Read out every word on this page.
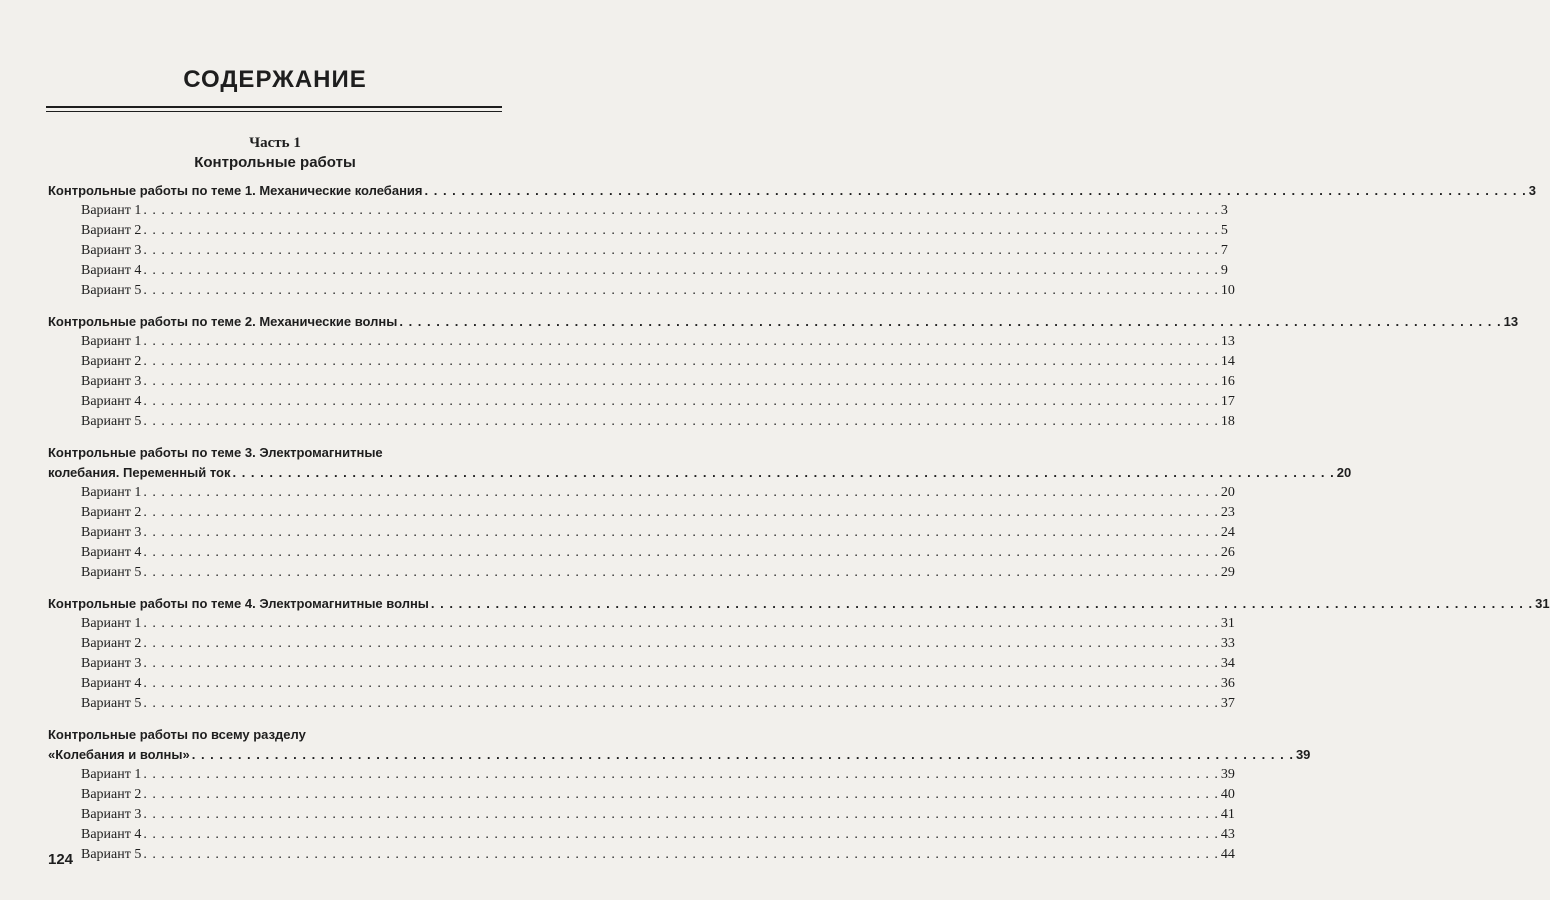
СОДЕРЖАНИЕ
Часть 1
Контрольные работы
Контрольные работы по теме 1. Механические колебания . . . . . . . . . . . . . . . . . . . . . . . . . . . . . . . . . . . . . . . . . . . . . . . . . . . . . . . . . . . . . . . . . . . . . . . . . . . . . . . . . . . . . . . . . . . . . . . . . . . . . . . . . . . . . . . . . . . . . . . . 3
Вариант 1 . . . . . . . . . . . . . . . . . . . . . . . . . . . . . . . . . . . . . . . . . . . . . . . . . . . . . . . . . . . . . . . . . . . . . . . . . . . . . . . . . . . . . . . . . . . . . . . . . . . . . . . . . . . . . . . . . . . . . . . . 3
Вариант 2 . . . . . . . . . . . . . . . . . . . . . . . . . . . . . . . . . . . . . . . . . . . . . . . . . . . . . . . . . . . . . . . . . . . . . . . . . . . . . . . . . . . . . . . . . . . . . . . . . . . . . . . . . . . . . . . . . . . . . . . . 5
Вариант 3 . . . . . . . . . . . . . . . . . . . . . . . . . . . . . . . . . . . . . . . . . . . . . . . . . . . . . . . . . . . . . . . . . . . . . . . . . . . . . . . . . . . . . . . . . . . . . . . . . . . . . . . . . . . . . . . . . . . . . . . . 7
Вариант 4 . . . . . . . . . . . . . . . . . . . . . . . . . . . . . . . . . . . . . . . . . . . . . . . . . . . . . . . . . . . . . . . . . . . . . . . . . . . . . . . . . . . . . . . . . . . . . . . . . . . . . . . . . . . . . . . . . . . . . . . . 9
Вариант 5 . . . . . . . . . . . . . . . . . . . . . . . . . . . . . . . . . . . . . . . . . . . . . . . . . . . . . . . . . . . . . . . . . . . . . . . . . . . . . . . . . . . . . . . . . . . . . . . . . . . . . . . . . . . . . . . . . . . . . . . . 10
Контрольные работы по теме 2. Механические волны . . . . . . . . . . . . . . . . . . . . . . . . . . . . . . . . . . . . . . . . . . . . . . . . . . . . . . . . . . . . . . . . . . . . . . . . . . . . . . . . . . . . . . . . . . . . . . . . . . . . . . . . . . . . . . . . . . . . . . . . 13
Вариант 1 . . . . . . . . . . . . . . . . . . . . . . . . . . . . . . . . . . . . . . . . . . . . . . . . . . . . . . . . . . . . . . . . . . . . . . . . . . . . . . . . . . . . . . . . . . . . . . . . . . . . . . . . . . . . . . . . . . . . . . . . 13
Вариант 2 . . . . . . . . . . . . . . . . . . . . . . . . . . . . . . . . . . . . . . . . . . . . . . . . . . . . . . . . . . . . . . . . . . . . . . . . . . . . . . . . . . . . . . . . . . . . . . . . . . . . . . . . . . . . . . . . . . . . . . . . 14
Вариант 3 . . . . . . . . . . . . . . . . . . . . . . . . . . . . . . . . . . . . . . . . . . . . . . . . . . . . . . . . . . . . . . . . . . . . . . . . . . . . . . . . . . . . . . . . . . . . . . . . . . . . . . . . . . . . . . . . . . . . . . . . 16
Вариант 4 . . . . . . . . . . . . . . . . . . . . . . . . . . . . . . . . . . . . . . . . . . . . . . . . . . . . . . . . . . . . . . . . . . . . . . . . . . . . . . . . . . . . . . . . . . . . . . . . . . . . . . . . . . . . . . . . . . . . . . . . 17
Вариант 5 . . . . . . . . . . . . . . . . . . . . . . . . . . . . . . . . . . . . . . . . . . . . . . . . . . . . . . . . . . . . . . . . . . . . . . . . . . . . . . . . . . . . . . . . . . . . . . . . . . . . . . . . . . . . . . . . . . . . . . . . 18
Контрольные работы по теме 3. Электромагнитные
колебания. Переменный ток . . . . . . . . . . . . . . . . . . . . . . . . . . . . . . . . . . . . . . . . . . . . . . . . . . . . . . . . . . . . . . . . . . . . . . . . . . . . . . . . . . . . . . . . . . . . . . . . . . . . . . . . . . . . . . . . . . . . . . . . 20
Вариант 1 . . . . . . . . . . . . . . . . . . . . . . . . . . . . . . . . . . . . . . . . . . . . . . . . . . . . . . . . . . . . . . . . . . . . . . . . . . . . . . . . . . . . . . . . . . . . . . . . . . . . . . . . . . . . . . . . . . . . . . . . 20
Вариант 2 . . . . . . . . . . . . . . . . . . . . . . . . . . . . . . . . . . . . . . . . . . . . . . . . . . . . . . . . . . . . . . . . . . . . . . . . . . . . . . . . . . . . . . . . . . . . . . . . . . . . . . . . . . . . . . . . . . . . . . . . 23
Вариант 3 . . . . . . . . . . . . . . . . . . . . . . . . . . . . . . . . . . . . . . . . . . . . . . . . . . . . . . . . . . . . . . . . . . . . . . . . . . . . . . . . . . . . . . . . . . . . . . . . . . . . . . . . . . . . . . . . . . . . . . . . 24
Вариант 4 . . . . . . . . . . . . . . . . . . . . . . . . . . . . . . . . . . . . . . . . . . . . . . . . . . . . . . . . . . . . . . . . . . . . . . . . . . . . . . . . . . . . . . . . . . . . . . . . . . . . . . . . . . . . . . . . . . . . . . . . 26
Вариант 5 . . . . . . . . . . . . . . . . . . . . . . . . . . . . . . . . . . . . . . . . . . . . . . . . . . . . . . . . . . . . . . . . . . . . . . . . . . . . . . . . . . . . . . . . . . . . . . . . . . . . . . . . . . . . . . . . . . . . . . . . 29
Контрольные работы по теме 4. Электромагнитные волны . . . . . . . . . . . . . . . . . . . . . . . . . . . . . . . . . . . . . . . . . . . . . . . . . . . . . . . . . . . . . . . . . . . . . . . . . . . . . . . . . . . . . . . . . . . . . . . . . . . . . . . . . . . . . . . . . . . . . . . . 31
Вариант 1 . . . . . . . . . . . . . . . . . . . . . . . . . . . . . . . . . . . . . . . . . . . . . . . . . . . . . . . . . . . . . . . . . . . . . . . . . . . . . . . . . . . . . . . . . . . . . . . . . . . . . . . . . . . . . . . . . . . . . . . . 31
Вариант 2 . . . . . . . . . . . . . . . . . . . . . . . . . . . . . . . . . . . . . . . . . . . . . . . . . . . . . . . . . . . . . . . . . . . . . . . . . . . . . . . . . . . . . . . . . . . . . . . . . . . . . . . . . . . . . . . . . . . . . . . . 33
Вариант 3 . . . . . . . . . . . . . . . . . . . . . . . . . . . . . . . . . . . . . . . . . . . . . . . . . . . . . . . . . . . . . . . . . . . . . . . . . . . . . . . . . . . . . . . . . . . . . . . . . . . . . . . . . . . . . . . . . . . . . . . . 34
Вариант 4 . . . . . . . . . . . . . . . . . . . . . . . . . . . . . . . . . . . . . . . . . . . . . . . . . . . . . . . . . . . . . . . . . . . . . . . . . . . . . . . . . . . . . . . . . . . . . . . . . . . . . . . . . . . . . . . . . . . . . . . . 36
Вариант 5 . . . . . . . . . . . . . . . . . . . . . . . . . . . . . . . . . . . . . . . . . . . . . . . . . . . . . . . . . . . . . . . . . . . . . . . . . . . . . . . . . . . . . . . . . . . . . . . . . . . . . . . . . . . . . . . . . . . . . . . . 37
Контрольные работы по всему разделу
«Колебания и волны» . . . . . . . . . . . . . . . . . . . . . . . . . . . . . . . . . . . . . . . . . . . . . . . . . . . . . . . . . . . . . . . . . . . . . . . . . . . . . . . . . . . . . . . . . . . . . . . . . . . . . . . . . . . . . . . . . . . . . . . . 39
Вариант 1 . . . . . . . . . . . . . . . . . . . . . . . . . . . . . . . . . . . . . . . . . . . . . . . . . . . . . . . . . . . . . . . . . . . . . . . . . . . . . . . . . . . . . . . . . . . . . . . . . . . . . . . . . . . . . . . . . . . . . . . . 39
Вариант 2 . . . . . . . . . . . . . . . . . . . . . . . . . . . . . . . . . . . . . . . . . . . . . . . . . . . . . . . . . . . . . . . . . . . . . . . . . . . . . . . . . . . . . . . . . . . . . . . . . . . . . . . . . . . . . . . . . . . . . . . . 40
Вариант 3 . . . . . . . . . . . . . . . . . . . . . . . . . . . . . . . . . . . . . . . . . . . . . . . . . . . . . . . . . . . . . . . . . . . . . . . . . . . . . . . . . . . . . . . . . . . . . . . . . . . . . . . . . . . . . . . . . . . . . . . . 41
Вариант 4 . . . . . . . . . . . . . . . . . . . . . . . . . . . . . . . . . . . . . . . . . . . . . . . . . . . . . . . . . . . . . . . . . . . . . . . . . . . . . . . . . . . . . . . . . . . . . . . . . . . . . . . . . . . . . . . . . . . . . . . . 43
Вариант 5 . . . . . . . . . . . . . . . . . . . . . . . . . . . . . . . . . . . . . . . . . . . . . . . . . . . . . . . . . . . . . . . . . . . . . . . . . . . . . . . . . . . . . . . . . . . . . . . . . . . . . . . . . . . . . . . . . . . . . . . . 44
124
